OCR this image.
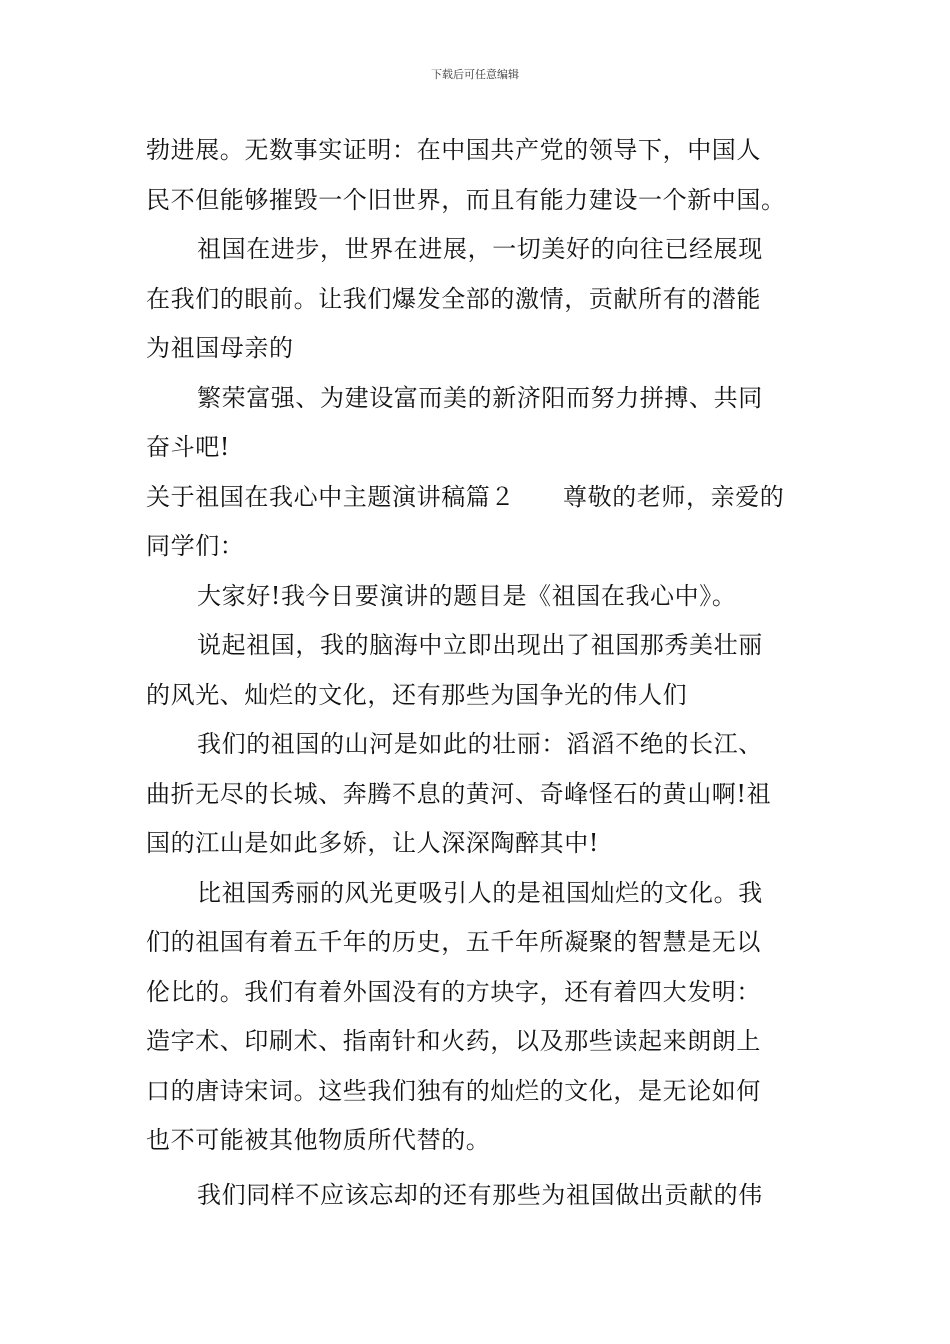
下载后可任意编辑
勃进展。无数事实证明：在中国共产党的领导下，中国人
民不但能够摧毁一个旧世界，而且有能力建设一个新中国。
祖国在进步，世界在进展，一切美好的向往已经展现
在我们的眼前。让我们爆发全部的激情，贡献所有的潜能
为祖国母亲的
繁荣富强、为建设富而美的新济阳而努力拼搏、共同
奋斗吧!
关于祖国在我心中主题演讲稿篇２ 尊敬的老师，亲爱的
同学们：
大家好!我今日要演讲的题目是《祖国在我心中》。
说起祖国，我的脑海中立即出现出了祖国那秀美壮丽
的风光、灿烂的文化，还有那些为国争光的伟人们
我们的祖国的山河是如此的壮丽：滔滔不绝的长江、
曲折无尽的长城、奔腾不息的黄河、奇峰怪石的黄山啊!祖
国的江山是如此多娇，让人深深陶醉其中!
比祖国秀丽的风光更吸引人的是祖国灿烂的文化。我
们的祖国有着五千年的历史，五千年所凝聚的智慧是无以
伦比的。我们有着外国没有的方块字，还有着四大发明：
造字术、印刷术、指南针和火药，以及那些读起来朗朗上
口的唐诗宋词。这些我们独有的灿烂的文化，是无论如何
也不可能被其他物质所代替的。
我们同样不应该忘却的还有那些为祖国做出贡献的伟
